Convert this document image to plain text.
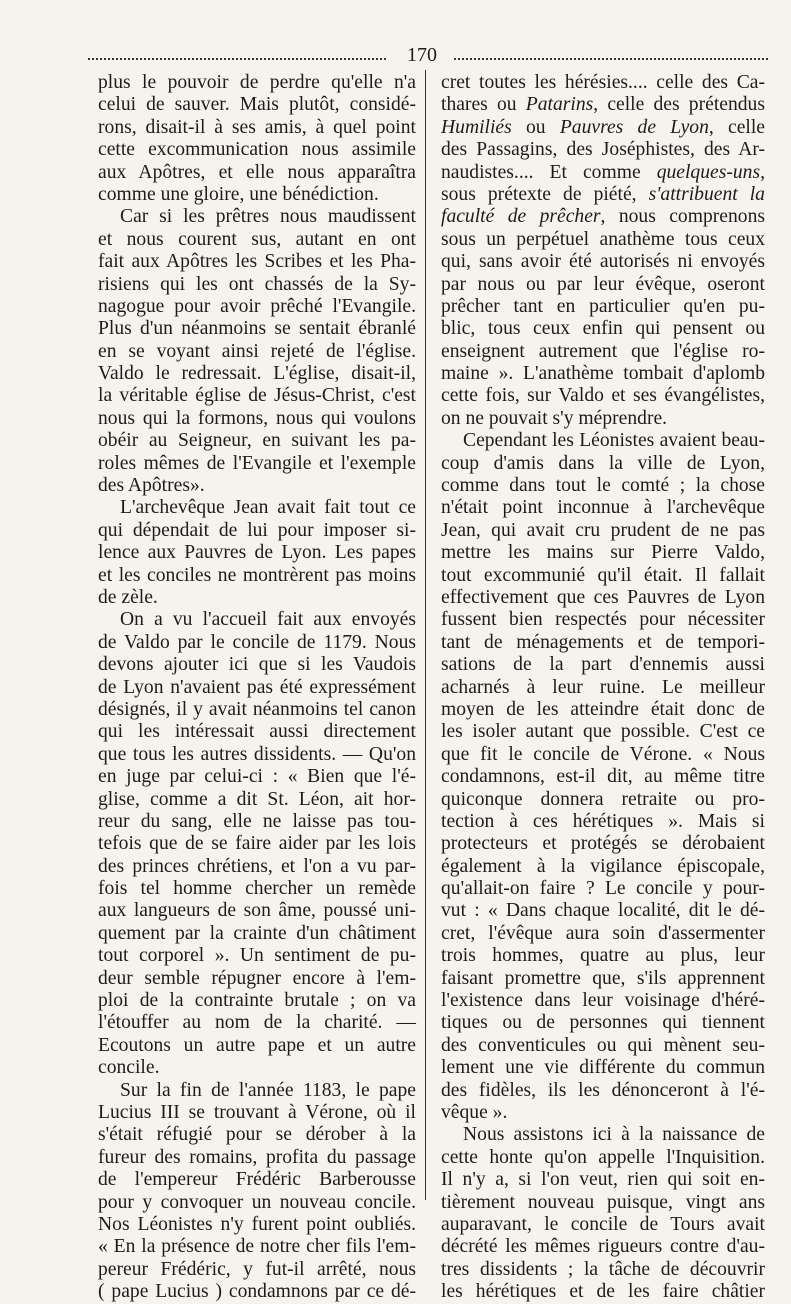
170
plus le pouvoir de perdre qu'elle n'a
celui de sauver. Mais plutôt, considé-
rons, disait-il à ses amis, à quel point
cette excommunication nous assimile
aux Apôtres, et elle nous apparaîtra
comme une gloire, une bénédiction.
Car si les prêtres nous maudissent
et nous courent sus, autant en ont
fait aux Apôtres les Scribes et les Pha-
risiens qui les ont chassés de la Sy-
nagogue pour avoir prêché l'Evangile.
Plus d'un néanmoins se sentait ébranlé
en se voyant ainsi rejeté de l'église.
Valdo le redressait. L'église, disait-il,
la véritable église de Jésus-Christ, c'est
nous qui la formons, nous qui voulons
obéir au Seigneur, en suivant les pa-
roles mêmes de l'Evangile et l'exemple
des Apôtres».
L'archevêque Jean avait fait tout ce
qui dépendait de lui pour imposer si-
lence aux Pauvres de Lyon. Les papes
et les conciles ne montrèrent pas moins
de zèle.
On a vu l'accueil fait aux envoyés
de Valdo par le concile de 1179. Nous
devons ajouter ici que si les Vaudois
de Lyon n'avaient pas été expressément
désignés, il y avait néanmoins tel canon
qui les intéressait aussi directement
que tous les autres dissidents. — Qu'on
en juge par celui-ci : « Bien que l'é-
glise, comme a dit St. Léon, ait hor-
reur du sang, elle ne laisse pas tou-
tefois que de se faire aider par les lois
des princes chrétiens, et l'on a vu par-
fois tel homme chercher un remède
aux langueurs de son âme, poussé uni-
quement par la crainte d'un châtiment
tout corporel ». Un sentiment de pu-
deur semble répugner encore à l'em-
ploi de la contrainte brutale ; on va
l'étouffer au nom de la charité. —
Ecoutons un autre pape et un autre
concile.
Sur la fin de l'année 1183, le pape
Lucius III se trouvant à Vérone, où il
s'était réfugié pour se dérober à la
fureur des romains, profita du passage
de l'empereur Frédéric Barberousse
pour y convoquer un nouveau concile.
Nos Léonistes n'y furent point oubliés.
« En la présence de notre cher fils l'em-
pereur Frédéric, y fut-il arrêté, nous
( pape Lucius ) condamnons par ce dé-
cret toutes les hérésies.... celle des Ca-
thares ou Patarins, celle des prétendus
Humiliés ou Pauvres de Lyon, celle
des Passagins, des Joséphistes, des Ar-
naudistes.... Et comme quelques-uns,
sous prétexte de piété, s'attribuent la
faculté de prêcher, nous comprenons
sous un perpétuel anathème tous ceux
qui, sans avoir été autorisés ni envoyés
par nous ou par leur évêque, oseront
prêcher tant en particulier qu'en pu-
blic, tous ceux enfin qui pensent ou
enseignent autrement que l'église ro-
maine ». L'anathème tombait d'aplomb
cette fois, sur Valdo et ses évangélistes,
on ne pouvait s'y méprendre.
Cependant les Léonistes avaient beau-
coup d'amis dans la ville de Lyon,
comme dans tout le comté ; la chose
n'était point inconnue à l'archevêque
Jean, qui avait cru prudent de ne pas
mettre les mains sur Pierre Valdo,
tout excommunié qu'il était. Il fallait
effectivement que ces Pauvres de Lyon
fussent bien respectés pour nécessiter
tant de ménagements et de tempori-
sations de la part d'ennemis aussi
acharnés à leur ruine. Le meilleur
moyen de les atteindre était donc de
les isoler autant que possible. C'est ce
que fit le concile de Vérone. « Nous
condamnons, est-il dit, au même titre
quiconque donnera retraite ou pro-
tection à ces hérétiques ». Mais si
protecteurs et protégés se dérobaient
également à la vigilance épiscopale,
qu'allait-on faire ? Le concile y pour-
vut : « Dans chaque localité, dit le dé-
cret, l'évêque aura soin d'assermenter
trois hommes, quatre au plus, leur
faisant promettre que, s'ils apprennent
l'existence dans leur voisinage d'héré-
tiques ou de personnes qui tiennent
des conventicules ou qui mènent seu-
lement une vie différente du commun
des fidèles, ils les dénonceront à l'é-
vêque ».
Nous assistons ici à la naissance de
cette honte qu'on appelle l'Inquisition.
Il n'y a, si l'on veut, rien qui soit en-
tièrement nouveau puisque, vingt ans
auparavant, le concile de Tours avait
décrété les mêmes rigueurs contre d'au-
tres dissidents ; la tâche de découvrir
les hérétiques et de les faire châtier
